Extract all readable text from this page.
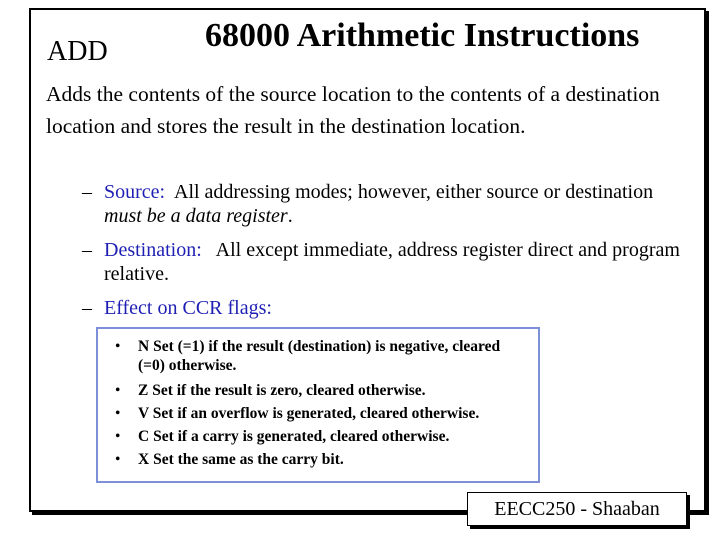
ADD	68000 Arithmetic Instructions
Adds the contents of the source location to the contents of a destination location and stores the result in the destination location.
– Source: All addressing modes; however, either source or destination must be a data register.
– Destination: All except immediate, address register direct and program relative.
– Effect on CCR flags:
• N Set (=1) if the result (destination) is negative, cleared (=0) otherwise.
• Z Set if the result is zero, cleared otherwise.
• V Set if an overflow is generated, cleared otherwise.
• C Set if a carry is generated, cleared otherwise.
• X Set the same as the carry bit.
EECC250 - Shaaban
